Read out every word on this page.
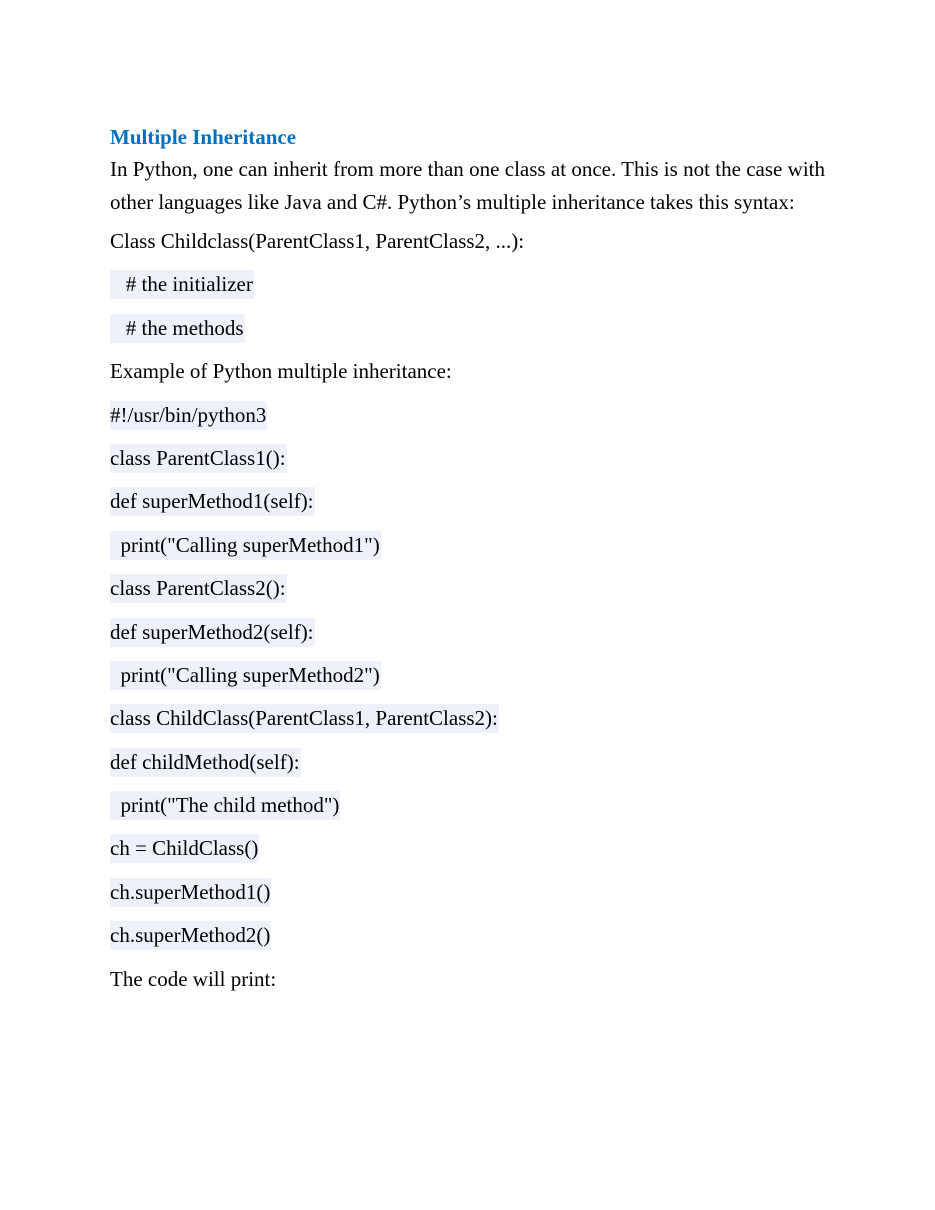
Multiple Inheritance

In Python, one can inherit from more than one class at once. This is not the case with other languages like Java and C#. Python’s multiple inheritance takes this syntax:

Class Childclass(ParentClass1, ParentClass2, ...):
# the initializer
# the methods
Example of Python multiple inheritance:
#!/usr/bin/python3
class ParentClass1():
def superMethod1(self):
print("Calling superMethod1")
class ParentClass2():
def superMethod2(self):
print("Calling superMethod2")
class ChildClass(ParentClass1, ParentClass2):
def childMethod(self):
print("The child method")
ch = ChildClass()
ch.superMethod1()
ch.superMethod2()
The code will print:
